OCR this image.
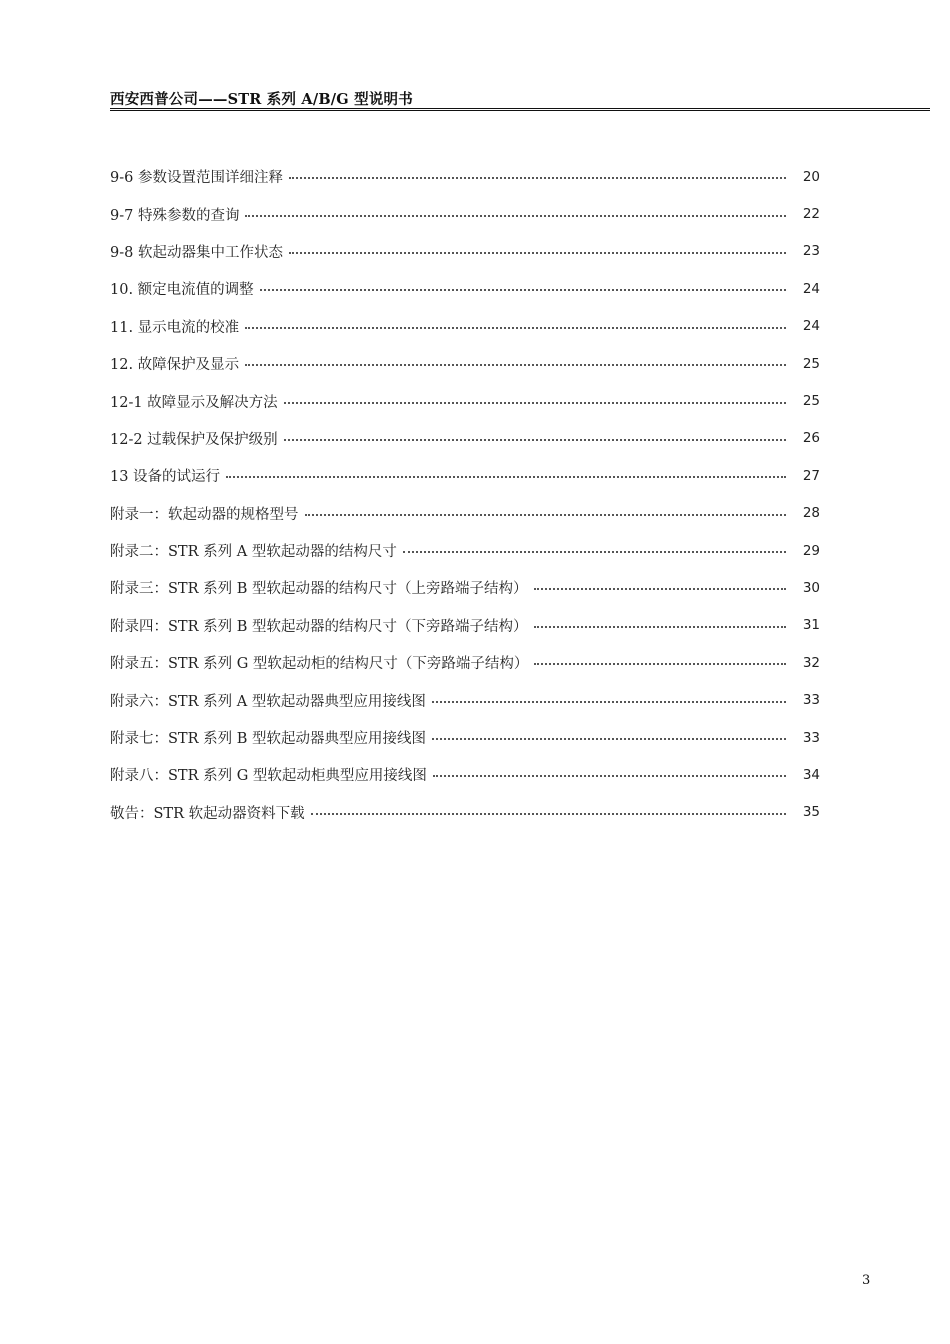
西安西普公司——STR 系列 A/B/G 型说明书
9-6 参数设置范围详细注释	20
9-7 特殊参数的查询	22
9-8 软起动器集中工作状态	23
10. 额定电流值的调整	24
11. 显示电流的校准	24
12. 故障保护及显示	25
12-1 故障显示及解决方法	25
12-2 过载保护及保护级别	26
13 设备的试运行	27
附录一：软起动器的规格型号	28
附录二：STR 系列 A 型软起动器的结构尺寸	29
附录三：STR 系列 B 型软起动器的结构尺寸（上旁路端子结构）	30
附录四：STR 系列 B 型软起动器的结构尺寸（下旁路端子结构）	31
附录五：STR 系列 G 型软起动柜的结构尺寸（下旁路端子结构）	32
附录六：STR 系列 A 型软起动器典型应用接线图	33
附录七：STR 系列 B 型软起动器典型应用接线图	33
附录八：STR 系列 G 型软起动柜典型应用接线图	34
敬告：STR 软起动器资料下载	35
3
